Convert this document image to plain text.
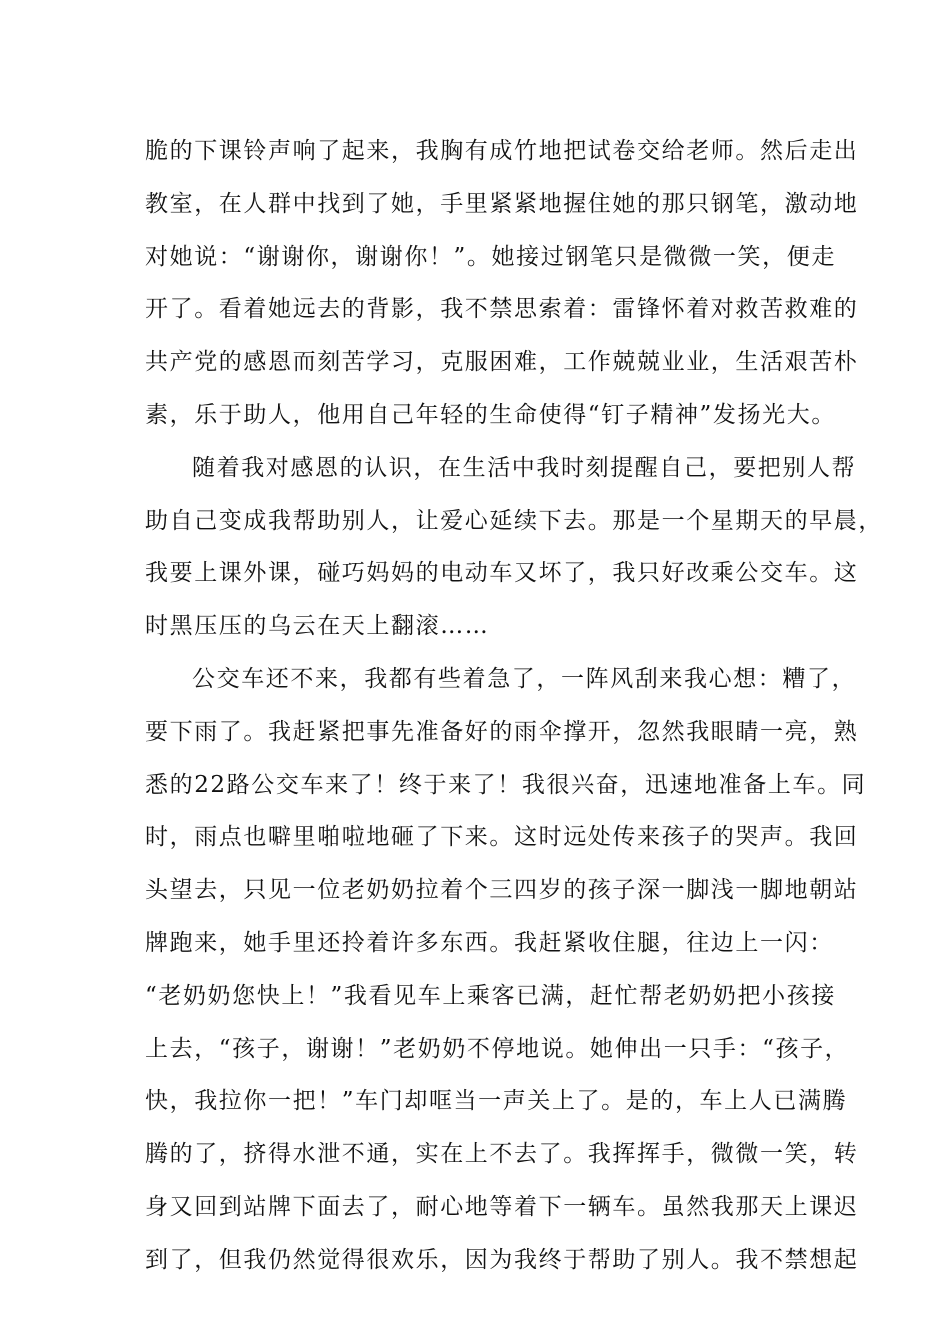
脆的下课铃声响了起来，我胸有成竹地把试卷交给老师。然后走出
教室，在人群中找到了她，手里紧紧地握住她的那只钢笔，激动地
对她说：“谢谢你，谢谢你！”。她接过钢笔只是微微一笑，便走
开了。看着她远去的背影，我不禁思索着：雷锋怀着对救苦救难的
共产党的感恩而刻苦学习，克服困难，工作兢兢业业，生活艰苦朴
素，乐于助人，他用自己年轻的生命使得“钉子精神”发扬光大。
随着我对感恩的认识，在生活中我时刻提醒自己，要把别人帮
助自己变成我帮助别人，让爱心延续下去。那是一个星期天的早晨，
我要上课外课，碰巧妈妈的电动车又坏了，我只好改乘公交车。这
时黑压压的乌云在天上翻滚……
公交车还不来，我都有些着急了，一阵风刮来我心想：糟了，
要下雨了。我赶紧把事先准备好的雨伞撑开，忽然我眼睛一亮，熟
悉的22路公交车来了！终于来了！我很兴奋，迅速地准备上车。同
时，雨点也噼里啪啦地砸了下来。这时远处传来孩子的哭声。我回
头望去，只见一位老奶奶拉着个三四岁的孩子深一脚浅一脚地朝站
牌跑来，她手里还拎着许多东西。我赶紧收住腿，往边上一闪：
“老奶奶您快上！”我看见车上乘客已满，赶忙帮老奶奶把小孩接
上去，“孩子，谢谢！”老奶奶不停地说。她伸出一只手：“孩子，
快，我拉你一把！”车门却哐当一声关上了。是的，车上人已满腾
腾的了，挤得水泄不通，实在上不去了。我挥挥手，微微一笑，转
身又回到站牌下面去了，耐心地等着下一辆车。虽然我那天上课迟
到了，但我仍然觉得很欢乐，因为我终于帮助了别人。我不禁想起
